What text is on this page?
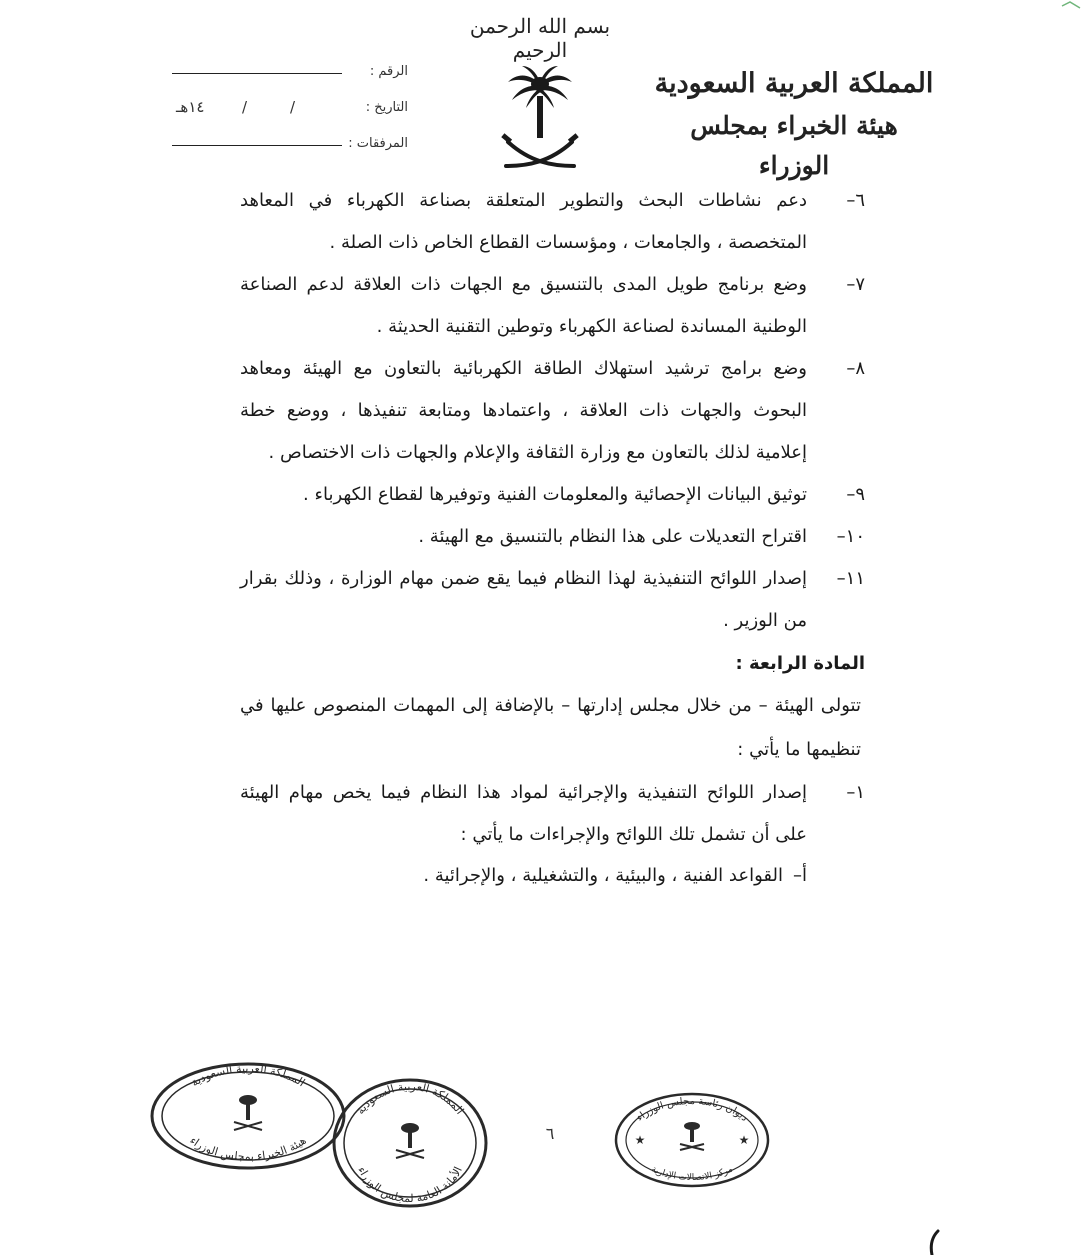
بسم الله الرحمن الرحيم
المملكة العربية السعودية
هيئة الخبراء بمجلس الوزراء
الرقم :
التاريخ :
١٤هـ	/	/
المرفقات :
٦–
دعم نشاطات البحث والتطوير المتعلقة بصناعة الكهرباء في المعاهد المتخصصة ، والجامعات ، ومؤسسات القطاع الخاص ذات الصلة .
٧–
وضع برنامج طويل المدى بالتنسيق مع الجهات ذات العلاقة لدعم الصناعة الوطنية المساندة لصناعة الكهرباء وتوطين التقنية الحديثة .
٨–
وضع برامج ترشيد استهلاك الطاقة الكهربائية بالتعاون مع الهيئة ومعاهد البحوث والجهات ذات العلاقة ، واعتمادها ومتابعة تنفيذها ، ووضع خطة إعلامية لذلك بالتعاون مع وزارة الثقافة والإعلام والجهات ذات الاختصاص .
٩–
توثيق البيانات الإحصائية والمعلومات الفنية وتوفيرها لقطاع الكهرباء .
١٠–
اقتراح التعديلات على هذا النظام بالتنسيق مع الهيئة .
١١–
إصدار اللوائح التنفيذية لهذا النظام فيما يقع ضمن مهام الوزارة ، وذلك بقرار من الوزير .
المادة الرابعة :
تتولى الهيئة – من خلال مجلس إدارتها – بالإضافة إلى المهمات المنصوص عليها في تنظيمها ما يأتي :
١–
إصدار اللوائح التنفيذية والإجرائية لمواد هذا النظام فيما يخص مهام الهيئة على أن تشمل تلك اللوائح والإجراءات ما يأتي :
أ–
القواعد الفنية ، والبيئية ، والتشغيلية ، والإجرائية .
٦
المملكة العربية السعودية
هيئة الخبراء بمجلس الوزراء
المملكة العربية السعودية
الأمانة العامة لمجلس الوزراء
ديوان رئاسة مجلس الوزراء
مركز الاتصالات الإدارية
★	★
